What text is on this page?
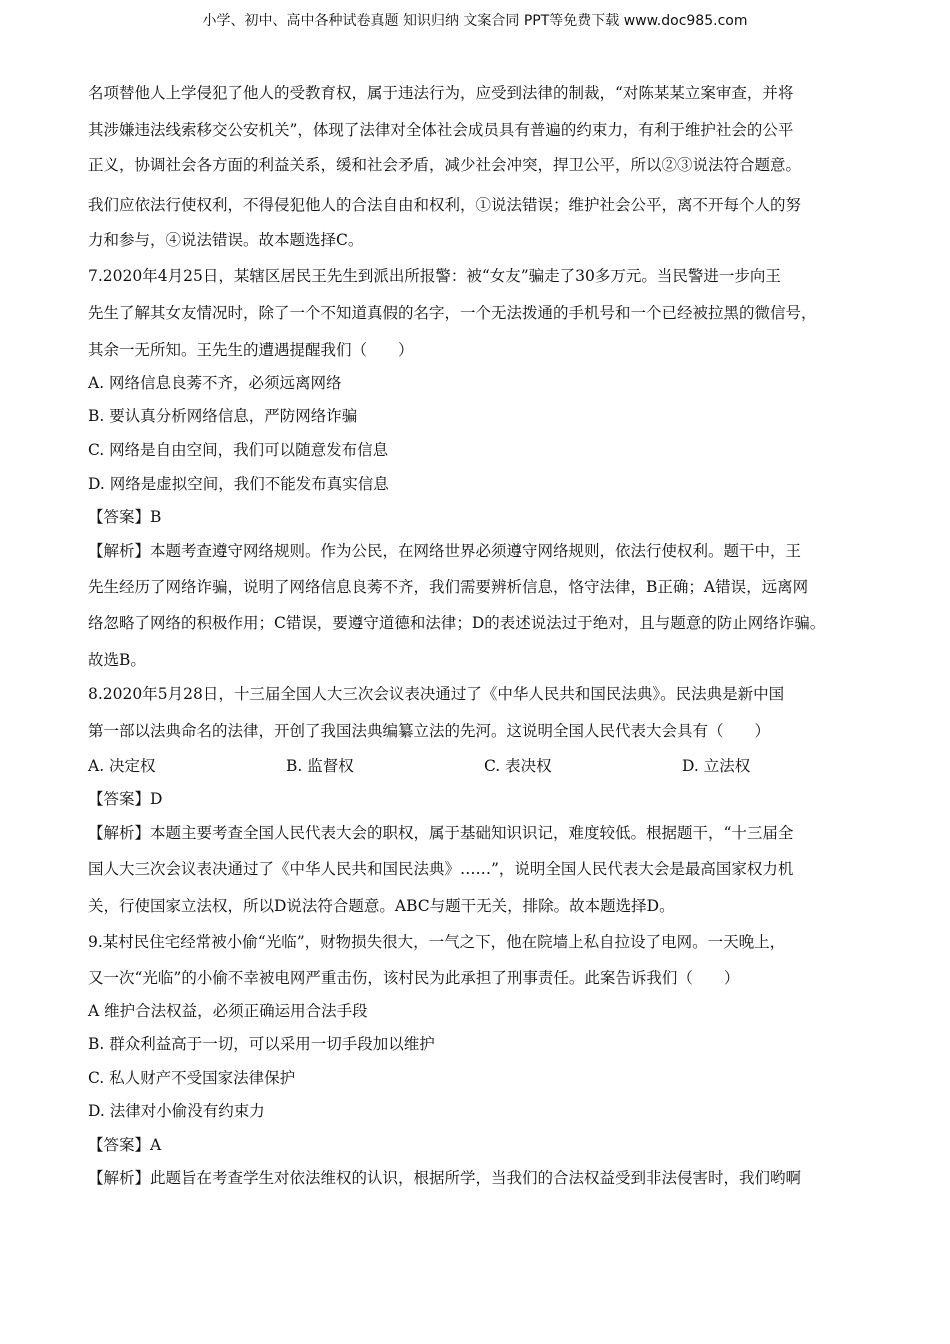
小学、初中、高中各种试卷真题 知识归纳 文案合同 PPT等免费下载 www.doc985.com
名项替他人上学侵犯了他人的受教育权，属于违法行为，应受到法律的制裁，“对陈某某立案审查，并将
其涉嫌违法线索移交公安机关”，体现了法律对全体社会成员具有普遍的约束力，有利于维护社会的公平
正义，协调社会各方面的利益关系，缓和社会矛盾，减少社会冲突，捍卫公平，所以②③说法符合题意。
我们应依法行使权利，不得侵犯他人的合法自由和权利，①说法错误；维护社会公平，离不开每个人的努
力和参与，④说法错误。故本题选择C。
7.2020年4月25日，某辖区居民王先生到派出所报警：被“女友”骗走了30多万元。当民警进一步向王
先生了解其女友情况时，除了一个不知道真假的名字，一个无法拨通的手机号和一个已经被拉黑的微信号，
其余一无所知。王先生的遭遇提醒我们（　　）
A. 网络信息良莠不齐，必须远离网络
B. 要认真分析网络信息，严防网络诈骗
C. 网络是自由空间，我们可以随意发布信息
D. 网络是虚拟空间，我们不能发布真实信息
【答案】B
【解析】本题考查遵守网络规则。作为公民，在网络世界必须遵守网络规则，依法行使权利。题干中，王
先生经历了网络诈骗，说明了网络信息良莠不齐，我们需要辨析信息，恪守法律，B正确；A错误，远离网
络忽略了网络的积极作用；C错误，要遵守道德和法律；D的表述说法过于绝对，且与题意的防止网络诈骗。
故选B。
8.2020年5月28日，十三届全国人大三次会议表决通过了《中华人民共和国民法典》。民法典是新中国
第一部以法典命名的法律，开创了我国法典编纂立法的先河。这说明全国人民代表大会具有（　　）
A. 决定权	B. 监督权	C. 表决权	D. 立法权
【答案】D
【解析】本题主要考查全国人民代表大会的职权，属于基础知识识记，难度较低。根据题干，“十三届全
国人大三次会议表决通过了《中华人民共和国民法典》……”，说明全国人民代表大会是最高国家权力机
关，行使国家立法权，所以D说法符合题意。ABC与题干无关，排除。故本题选择D。
9.某村民住宅经常被小偷“光临”，财物损失很大，一气之下，他在院墙上私自拉设了电网。一天晚上，
又一次“光临”的小偷不幸被电网严重击伤，该村民为此承担了刑事责任。此案告诉我们（　　）
A 维护合法权益，必须正确运用合法手段
B. 群众利益高于一切，可以采用一切手段加以维护
C. 私人财产不受国家法律保护
D. 法律对小偷没有约束力
【答案】A
【解析】此题旨在考查学生对依法维权的认识，根据所学，当我们的合法权益受到非法侵害时，我们哟啊
